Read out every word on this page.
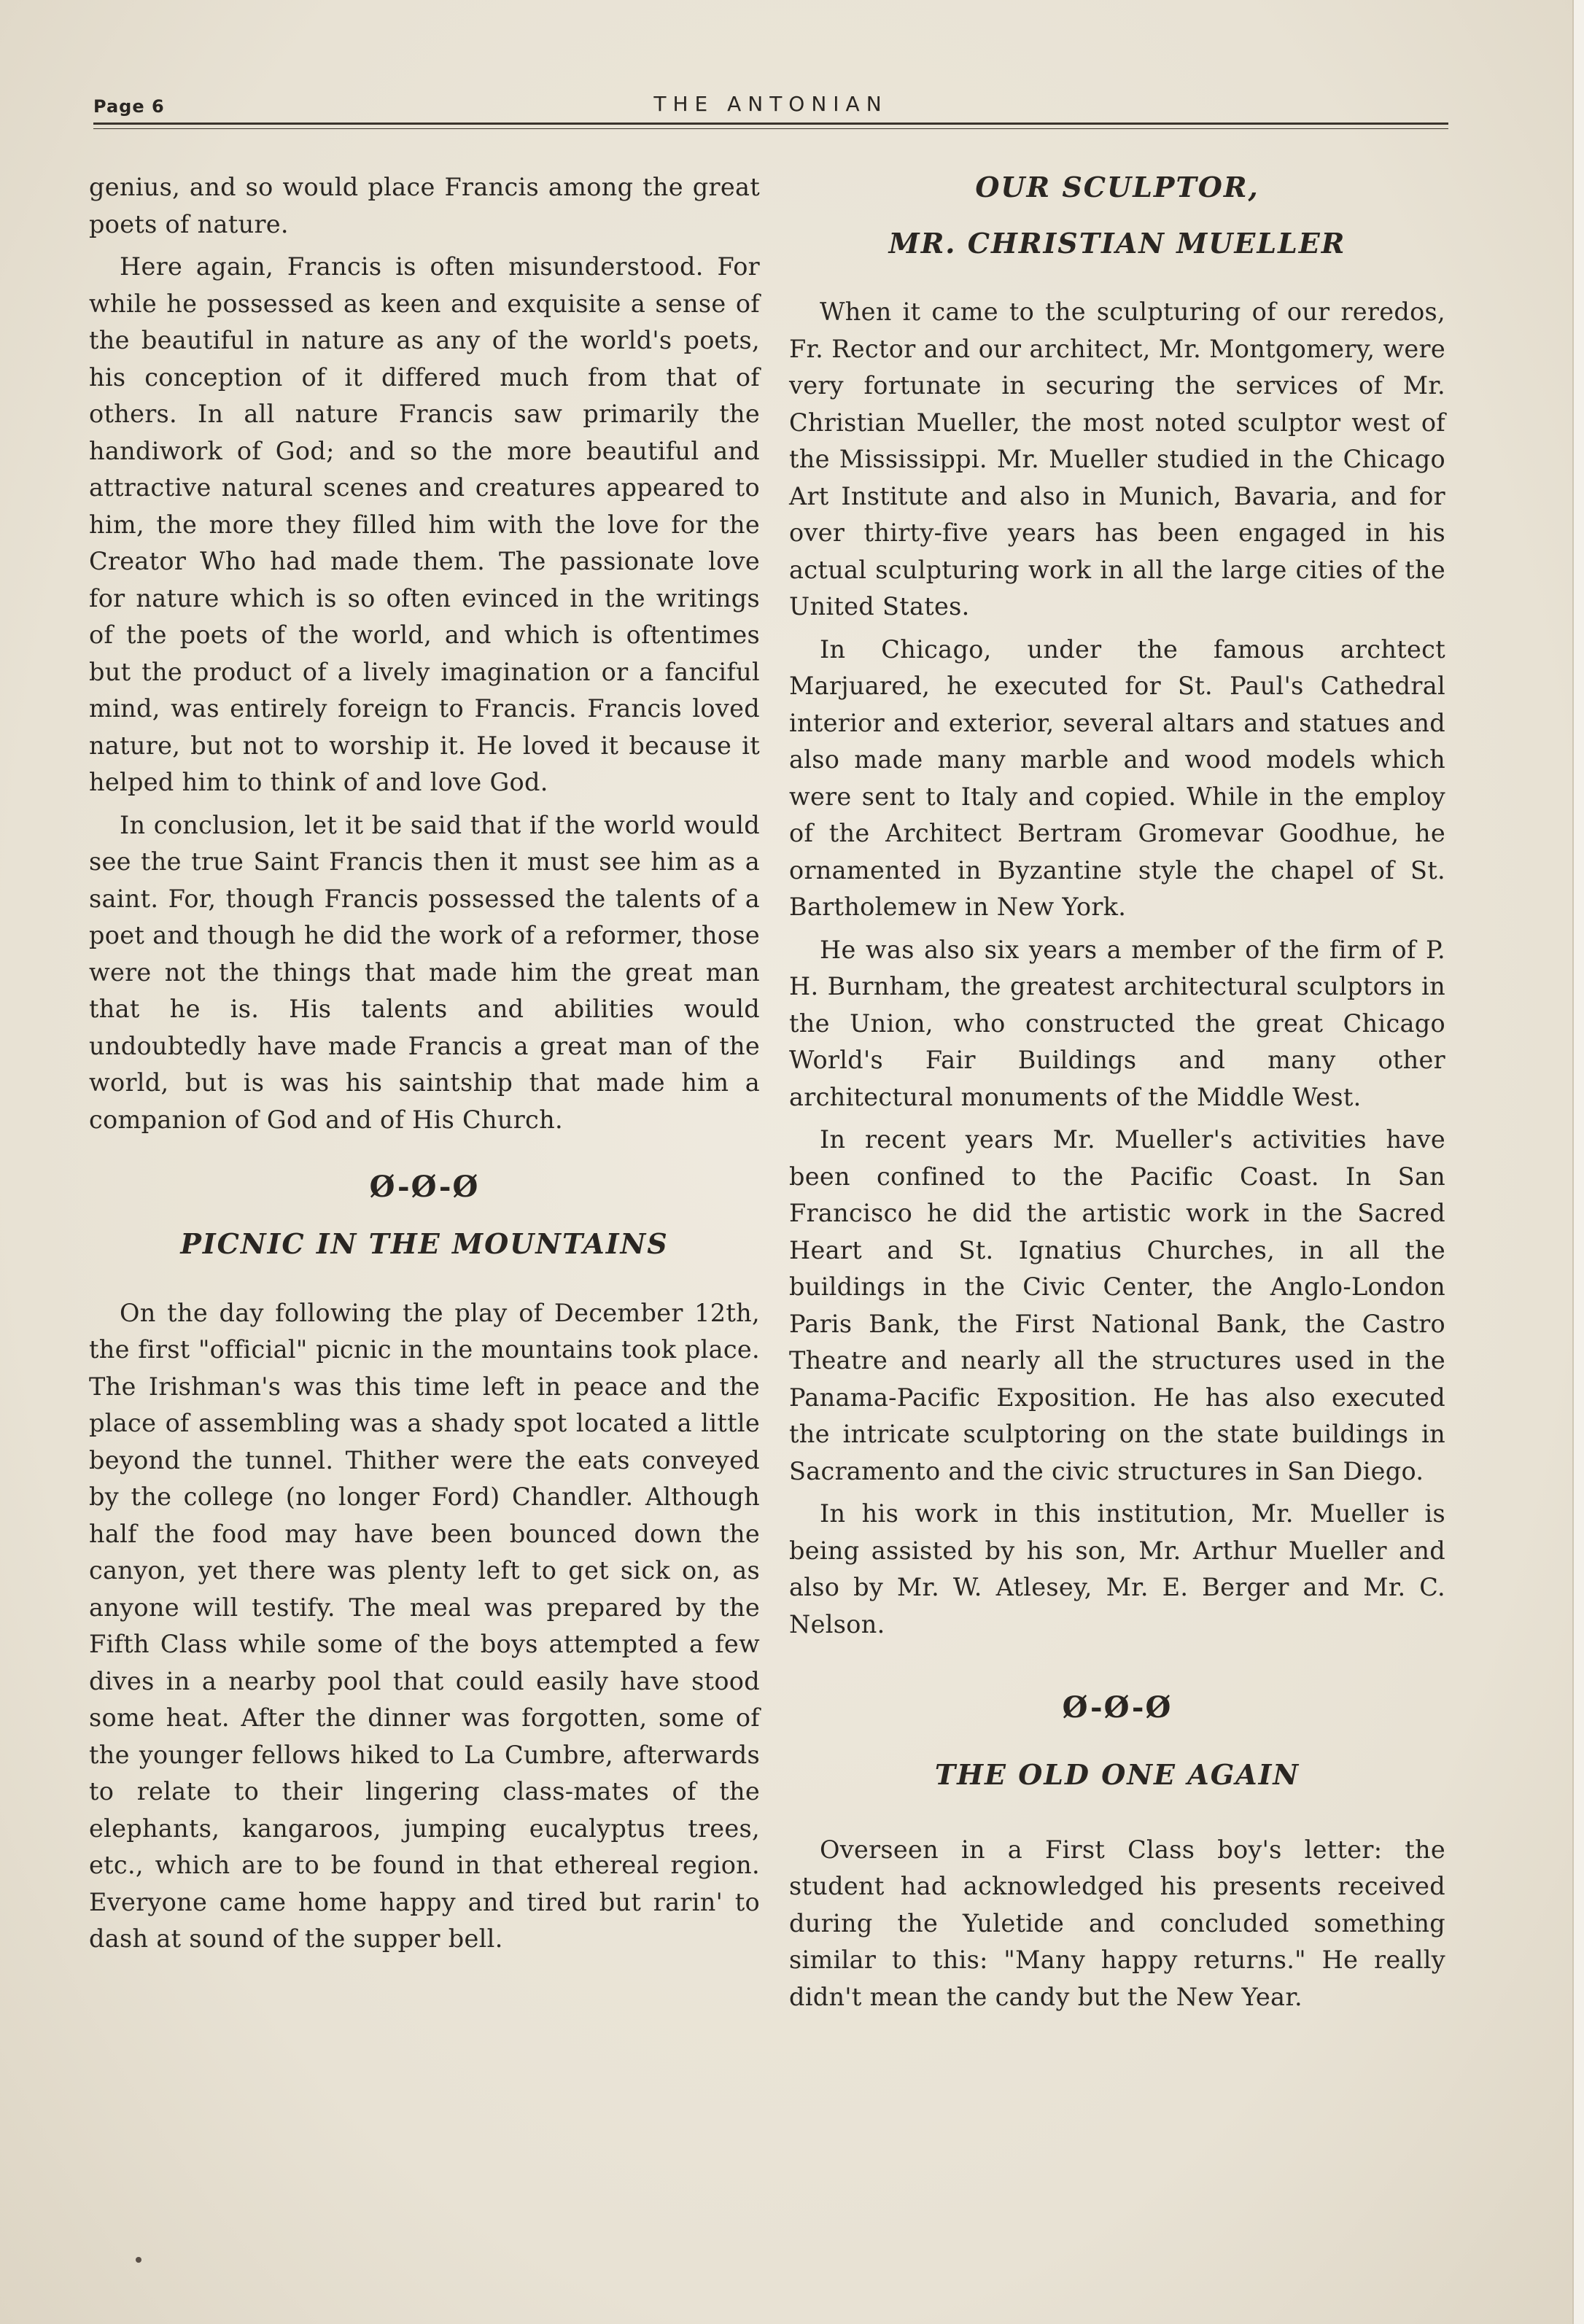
Page 6	THE ANTONIAN

genius, and so would place Francis among the great poets of nature.

Here again, Francis is often misunderstood. For while he possessed as keen and exquisite a sense of the beautiful in nature as any of the world's poets, his conception of it differed much from that of others. In all nature Francis saw primarily the handiwork of God; and so the more beautiful and attractive natural scenes and creatures appeared to him, the more they filled him with the love for the Creator Who had made them. The passionate love for nature which is so often evinced in the writings of the poets of the world, and which is oftentimes but the product of a lively imagination or a fanciful mind, was entirely foreign to Francis. Francis loved nature, but not to worship it. He loved it because it helped him to think of and love God.

In conclusion, let it be said that if the world would see the true Saint Francis then it must see him as a saint. For, though Francis possessed the talents of a poet and though he did the work of a reformer, those were not the things that made him the great man that he is. His talents and abilities would undoubtedly have made Francis a great man of the world, but is was his saintship that made him a companion of God and of His Church.

Ø-Ø-Ø
PICNIC IN THE MOUNTAINS

On the day following the play of December 12th, the first "official" picnic in the mountains took place. The Irishman's was this time left in peace and the place of assembling was a shady spot located a little beyond the tunnel. Thither were the eats conveyed by the college (no longer Ford) Chandler. Although half the food may have been bounced down the canyon, yet there was plenty left to get sick on, as anyone will testify. The meal was prepared by the Fifth Class while some of the boys attempted a few dives in a nearby pool that could easily have stood some heat. After the dinner was forgotten, some of the younger fellows hiked to La Cumbre, afterwards to relate to their lingering class-mates of the elephants, kangaroos, jumping eucalyptus trees, etc., which are to be found in that ethereal region. Everyone came home happy and tired but rarin' to dash at sound of the supper bell.

OUR SCULPTOR,
MR. CHRISTIAN MUELLER

When it came to the sculpturing of our reredos, Fr. Rector and our architect, Mr. Montgomery, were very fortunate in securing the services of Mr. Christian Mueller, the most noted sculptor west of the Mississippi. Mr. Mueller studied in the Chicago Art Institute and also in Munich, Bavaria, and for over thirty-five years has been engaged in his actual sculpturing work in all the large cities of the United States.

In Chicago, under the famous archtect Marjuared, he executed for St. Paul's Cathedral interior and exterior, several altars and statues and also made many marble and wood models which were sent to Italy and copied. While in the employ of the Architect Bertram Gromevar Goodhue, he ornamented in Byzantine style the chapel of St. Bartholemew in New York.

He was also six years a member of the firm of P. H. Burnham, the greatest architectural sculptors in the Union, who constructed the great Chicago World's Fair Buildings and many other architectural monuments of the Middle West.

In recent years Mr. Mueller's activities have been confined to the Pacific Coast. In San Francisco he did the artistic work in the Sacred Heart and St. Ignatius Churches, in all the buildings in the Civic Center, the Anglo-London Paris Bank, the First National Bank, the Castro Theatre and nearly all the structures used in the Panama-Pacific Exposition. He has also executed the intricate sculptoring on the state buildings in Sacramento and the civic structures in San Diego.

In his work in this institution, Mr. Mueller is being assisted by his son, Mr. Arthur Mueller and also by Mr. W. Atlesey, Mr. E. Berger and Mr. C. Nelson.

Ø-Ø-Ø
THE OLD ONE AGAIN

Overseen in a First Class boy's letter: the student had acknowledged his presents received during the Yuletide and concluded something similar to this: "Many happy returns." He really didn't mean the candy but the New Year.
